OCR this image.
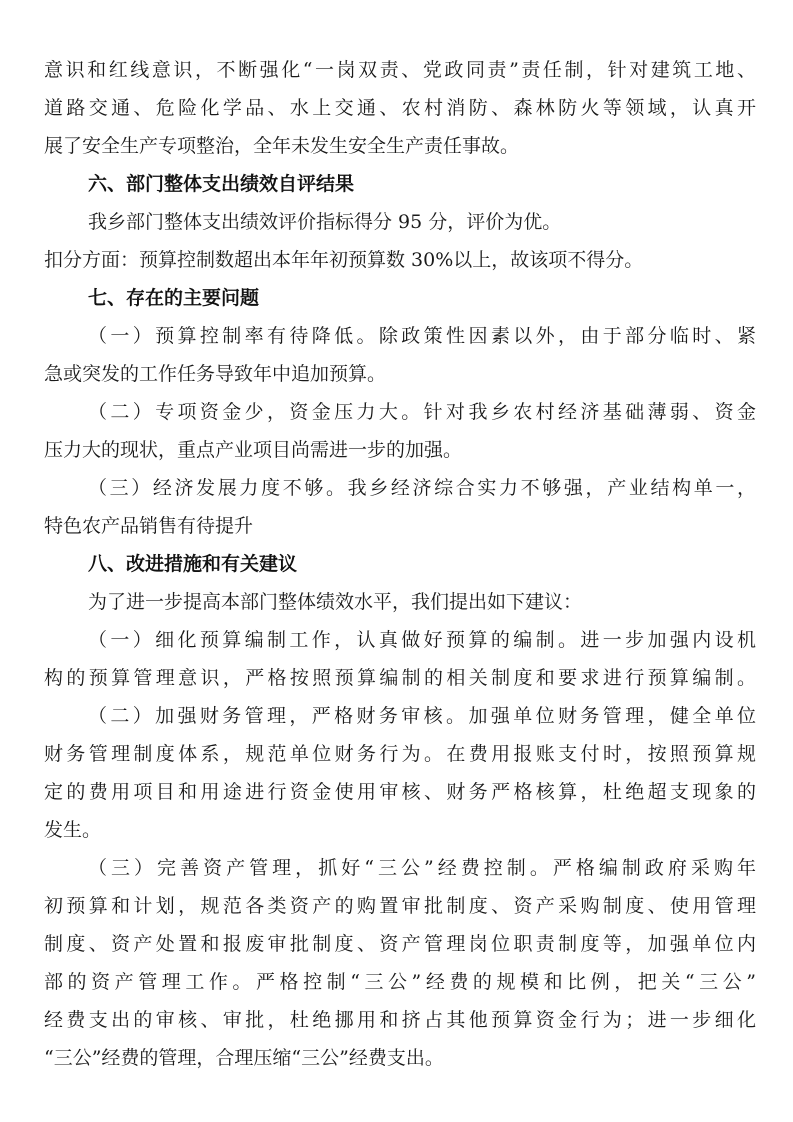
意识和红线意识，不断强化“一岗双责、党政同责”责任制，针对建筑工地、
道路交通、危险化学品、水上交通、农村消防、森林防火等领域，认真开
展了安全生产专项整治，全年未发生安全生产责任事故。
六、部门整体支出绩效自评结果
我乡部门整体支出绩效评价指标得分 95 分，评价为优。
扣分方面：预算控制数超出本年年初预算数 30%以上，故该项不得分。
七、存在的主要问题
（一）预算控制率有待降低。除政策性因素以外，由于部分临时、紧
急或突发的工作任务导致年中追加预算。
（二）专项资金少，资金压力大。针对我乡农村经济基础薄弱、资金
压力大的现状，重点产业项目尚需进一步的加强。
（三）经济发展力度不够。我乡经济综合实力不够强，产业结构单一，
特色农产品销售有待提升
八、改进措施和有关建议
为了进一步提高本部门整体绩效水平，我们提出如下建议：
（一）细化预算编制工作，认真做好预算的编制。进一步加强内设机
构的预算管理意识，严格按照预算编制的相关制度和要求进行预算编制。
（二）加强财务管理，严格财务审核。加强单位财务管理，健全单位
财务管理制度体系，规范单位财务行为。在费用报账支付时，按照预算规
定的费用项目和用途进行资金使用审核、财务严格核算，杜绝超支现象的
发生。
（三）完善资产管理，抓好“三公”经费控制。严格编制政府采购年
初预算和计划，规范各类资产的购置审批制度、资产采购制度、使用管理
制度、资产处置和报废审批制度、资产管理岗位职责制度等，加强单位内
部的资产管理工作。严格控制“三公”经费的规模和比例，把关“三公”
经费支出的审核、审批，杜绝挪用和挤占其他预算资金行为；进一步细化
“三公”经费的管理，合理压缩“三公”经费支出。
